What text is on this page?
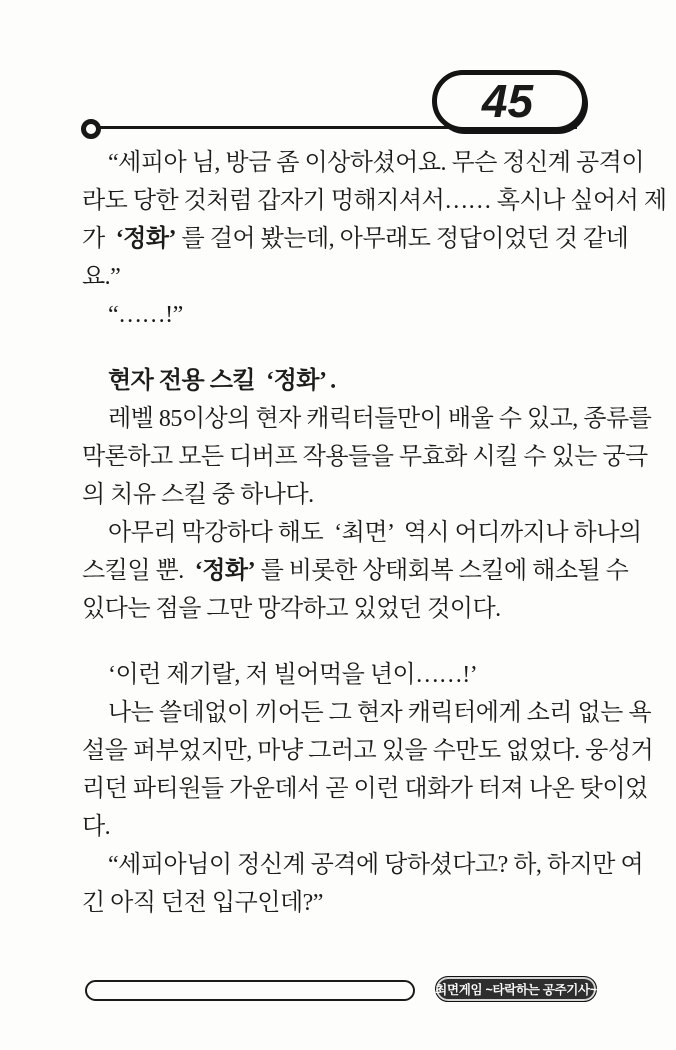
45
“세피아 님, 방금 좀 이상하셨어요. 무슨 정신계 공격이
라도 당한 것처럼 갑자기 멍해지셔서…… 혹시나 싶어서 제
가  ‘정화’ 를 걸어 봤는데, 아무래도 정답이었던 것 같네
요.”
“……!”
현자 전용 스킬  ‘정화’ .
레벨 85이상의 현자 캐릭터들만이 배울 수 있고, 종류를
막론하고 모든 디버프 작용들을 무효화 시킬 수 있는 궁극
의 치유 스킬 중 하나다.
아무리 막강하다 해도  ‘최면’  역시 어디까지나 하나의
스킬일 뿐.  ‘정화’ 를 비롯한 상태회복 스킬에 해소될 수
있다는 점을 그만 망각하고 있었던 것이다.
‘이런 제기랄, 저 빌어먹을 년이……!’
나는 쓸데없이 끼어든 그 현자 캐릭터에게 소리 없는 욕
설을 퍼부었지만, 마냥 그러고 있을 수만도 없었다. 웅성거
리던 파티원들 가운데서 곧 이런 대화가 터져 나온 탓이었
다.
“세피아님이 정신계 공격에 당하셨다고? 하, 하지만 여
긴 아직 던전 입구인데?”
최면게임 ~타락하는 공주기사~
